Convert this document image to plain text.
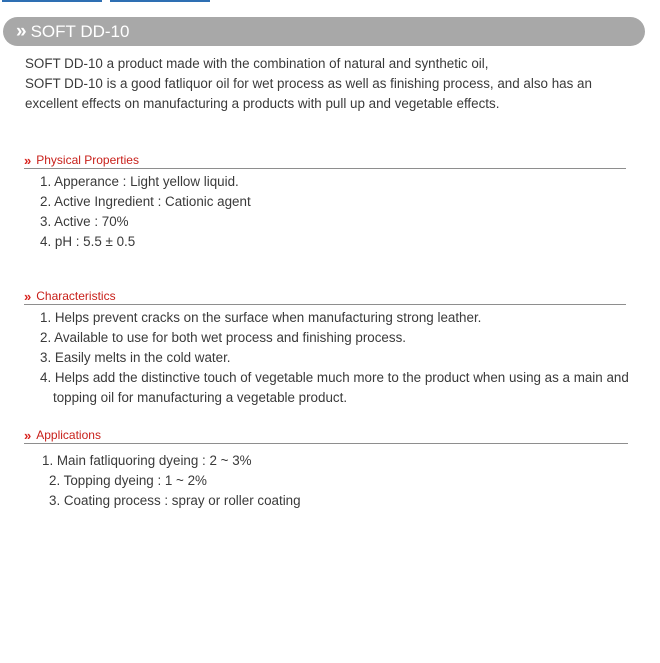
» SOFT DD-10

SOFT DD-10 a product made with the combination of natural and synthetic oil,

SOFT DD-10 is a good fatliquor oil for wet process as well as finishing process, and also has an

excellent effects on manufacturing a products with pull up and vegetable effects.

» Physical Properties
1. Apperance : Light yellow liquid.
2. Active Ingredient : Cationic agent
3. Active : 70%
4. pH : 5.5 ± 0.5
» Characteristics
1. Helps prevent cracks on the surface when manufacturing strong leather.
2. Available to use for both wet process and finishing process.
3. Easily melts in the cold water.
4. Helps add the distinctive touch of vegetable much more to the product when using as a main and topping oil for manufacturing a vegetable product.
» Applications
1. Main fatliquoring dyeing : 2 ~ 3%
2. Topping dyeing : 1 ~ 2%
3. Coating process : spray or roller coating
